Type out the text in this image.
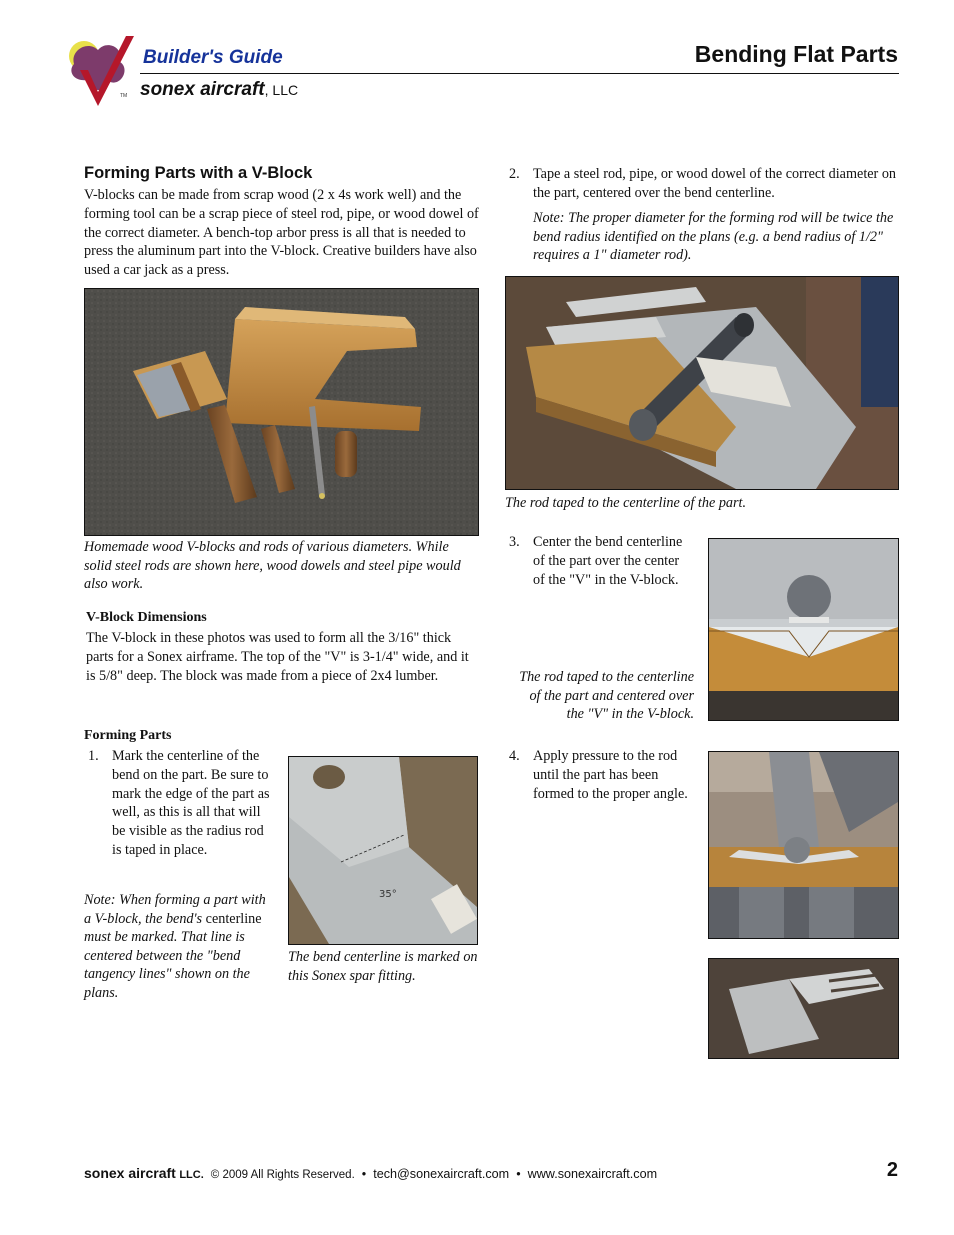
TM
Builder's Guide	Bending Flat Parts
sonex aircraft, LLC
Forming Parts with a V-Block
V-blocks can be made from scrap wood (2 x 4s work well) and the forming tool can be a scrap piece of steel rod, pipe, or wood dowel of the correct diameter. A bench-top arbor press is all that is needed to press the aluminum part into the V-block. Creative builders have also used a car jack as a press.
Homemade wood V-blocks and rods of various diameters. While solid steel rods are shown here, wood dowels and steel pipe would also work.
V-Block Dimensions
The V-block in these photos was used to form all the 3/16" thick parts for a Sonex airframe. The top of the "V" is 3-1/4" wide, and it is 5/8" deep. The block was made from a piece of 2x4 lumber.
Forming Parts
1. Mark the centerline of the bend on the part. Be sure to mark the edge of the part as well, as this is all that will be visible as the radius rod is taped in place.
Note: When forming a part with a V-block, the bend's centerline must be marked. That line is centered between the "bend tangency lines" shown on the plans.
35°
The bend centerline is marked on this Sonex spar fitting.
2. Tape a steel rod, pipe, or wood dowel of the correct diameter on the part, centered over the bend centerline.
Note: The proper diameter for the forming rod will be twice the bend radius identified on the plans (e.g. a bend radius of 1/2" requires a 1" diameter rod).
The rod taped to the centerline of the part.
3. Center the bend centerline of the part over the center of the "V" in the V-block.
The rod taped to the centerline of the part and centered over the "V" in the V-block.
4. Apply pressure to the rod until the part has been formed to the proper angle.
sonex aircraft LLC. © 2009 All Rights Reserved. • tech@sonexaircraft.com • www.sonexaircraft.com	2
